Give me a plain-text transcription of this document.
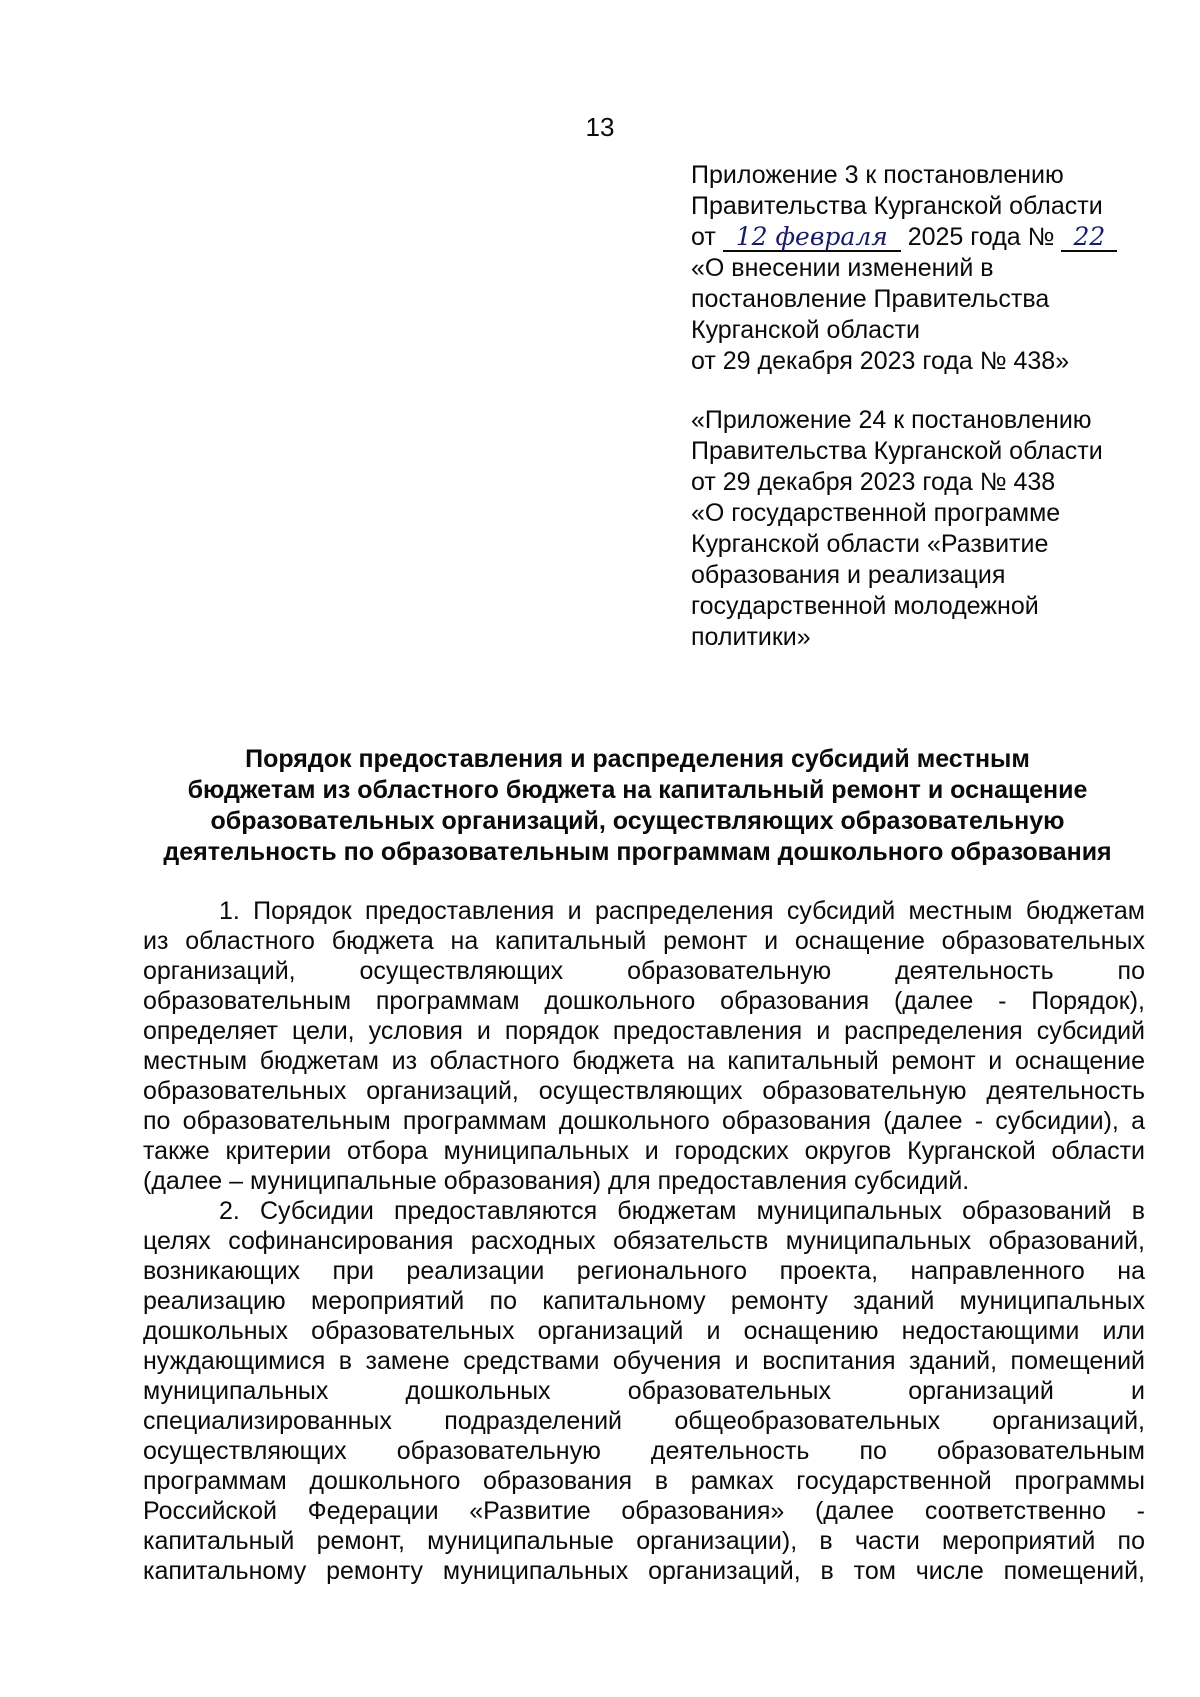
13
Приложение 3 к постановлению
Правительства Курганской области
от 12 февраля 2025 года № 22
«О внесении изменений в
постановление Правительства
Курганской области
от 29 декабря 2023 года № 438»
«Приложение 24 к постановлению
Правительства Курганской области
от 29 декабря 2023 года № 438
«О государственной программе
Курганской области «Развитие
образования и реализация
государственной молодежной
политики»
Порядок предоставления и распределения субсидий местным
бюджетам из областного бюджета на капитальный ремонт и оснащение
образовательных организаций, осуществляющих образовательную
деятельность по образовательным программам дошкольного образования
1. Порядок предоставления и распределения субсидий местным бюджетам
из областного бюджета на капитальный ремонт и оснащение образовательных
организаций, осуществляющих образовательную деятельность по
образовательным программам дошкольного образования (далее - Порядок),
определяет цели, условия и порядок предоставления и распределения субсидий
местным бюджетам из областного бюджета на капитальный ремонт и оснащение
образовательных организаций, осуществляющих образовательную деятельность
по образовательным программам дошкольного образования (далее - субсидии), а
также критерии отбора муниципальных и городских округов Курганской области
(далее – муниципальные образования) для предоставления субсидий.
2. Субсидии предоставляются бюджетам муниципальных образований в
целях софинансирования расходных обязательств муниципальных образований,
возникающих при реализации регионального проекта, направленного на
реализацию мероприятий по капитальному ремонту зданий муниципальных
дошкольных образовательных организаций и оснащению недостающими или
нуждающимися в замене средствами обучения и воспитания зданий, помещений
муниципальных дошкольных образовательных организаций и
специализированных подразделений общеобразовательных организаций,
осуществляющих образовательную деятельность по образовательным
программам дошкольного образования в рамках государственной программы
Российской Федерации «Развитие образования» (далее соответственно -
капитальный ремонт, муниципальные организации), в части мероприятий по
капитальному ремонту муниципальных организаций, в том числе помещений,
